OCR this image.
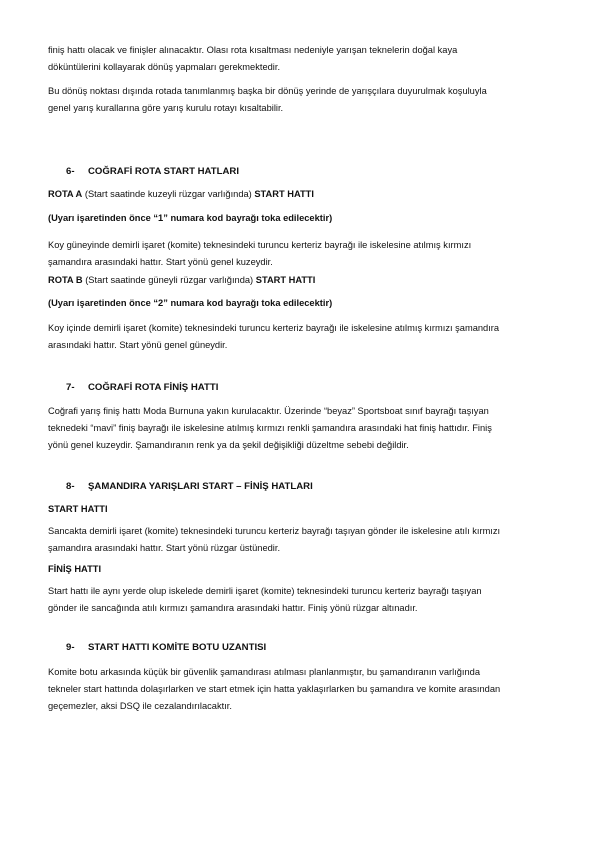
finiş hattı olacak ve finişler alınacaktır. Olası rota kısaltması nedeniyle yarışan teknelerin doğal kaya
döküntülerini kollayarak dönüş yapmaları gerekmektedir.

Bu dönüş noktası dışında rotada tanımlanmış başka bir dönüş yerinde de yarışçılara duyurulmak koşuluyla
genel yarış kurallarına göre yarış kurulu rotayı kısaltabilir.

6- COĞRAFİ ROTA START HATLARI

ROTA A (Start saatinde kuzeyli rüzgar varlığında) START HATTI

(Uyarı işaretinden önce “1” numara kod bayrağı toka edilecektir)

Koy güneyinde demirli işaret (komite) teknesindeki turuncu kerteriz bayrağı ile iskelesine atılmış kırmızı
şamandıra arasındaki hattır. Start yönü genel kuzeydir.

ROTA B (Start saatinde güneyli rüzgar varlığında) START HATTI

(Uyarı işaretinden önce “2” numara kod bayrağı toka edilecektir)

Koy içinde demirli işaret (komite) teknesindeki turuncu kerteriz bayrağı ile iskelesine atılmış kırmızı şamandıra
arasındaki hattır. Start yönü genel güneydir.

7- COĞRAFİ ROTA FİNİŞ HATTI

Coğrafi yarış finiş hattı Moda Burnuna yakın kurulacaktır. Üzerinde “beyaz” Sportsboat sınıf bayrağı taşıyan
teknedeki “mavi” finiş bayrağı ile iskelesine atılmış kırmızı renkli şamandıra arasındaki hat finiş hattıdır. Finiş
yönü genel kuzeydir. Şamandıranın renk ya da şekil değişikliği düzeltme sebebi değildir.

8- ŞAMANDIRA YARIŞLARI START – FİNİŞ HATLARI

START HATTI

Sancakta demirli işaret (komite) teknesindeki turuncu kerteriz bayrağı taşıyan gönder ile iskelesine atılı kırmızı
şamandıra arasındaki hattır. Start yönü rüzgar üstünedir.

FİNİŞ HATTI

Start hattı ile aynı yerde olup iskelede demirli işaret (komite) teknesindeki turuncu kerteriz bayrağı taşıyan
gönder ile sancağında atılı kırmızı şamandıra arasındaki hattır. Finiş yönü rüzgar altınadır.

9- START HATTI KOMİTE BOTU UZANTISI

Komite botu arkasında küçük bir güvenlik şamandırası atılması planlanmıştır, bu şamandıranın varlığında
tekneler start hattında dolaşırlarken ve start etmek için hatta yaklaşırlarken bu şamandıra ve komite arasından
geçemezler, aksi DSQ ile cezalandırılacaktır.
